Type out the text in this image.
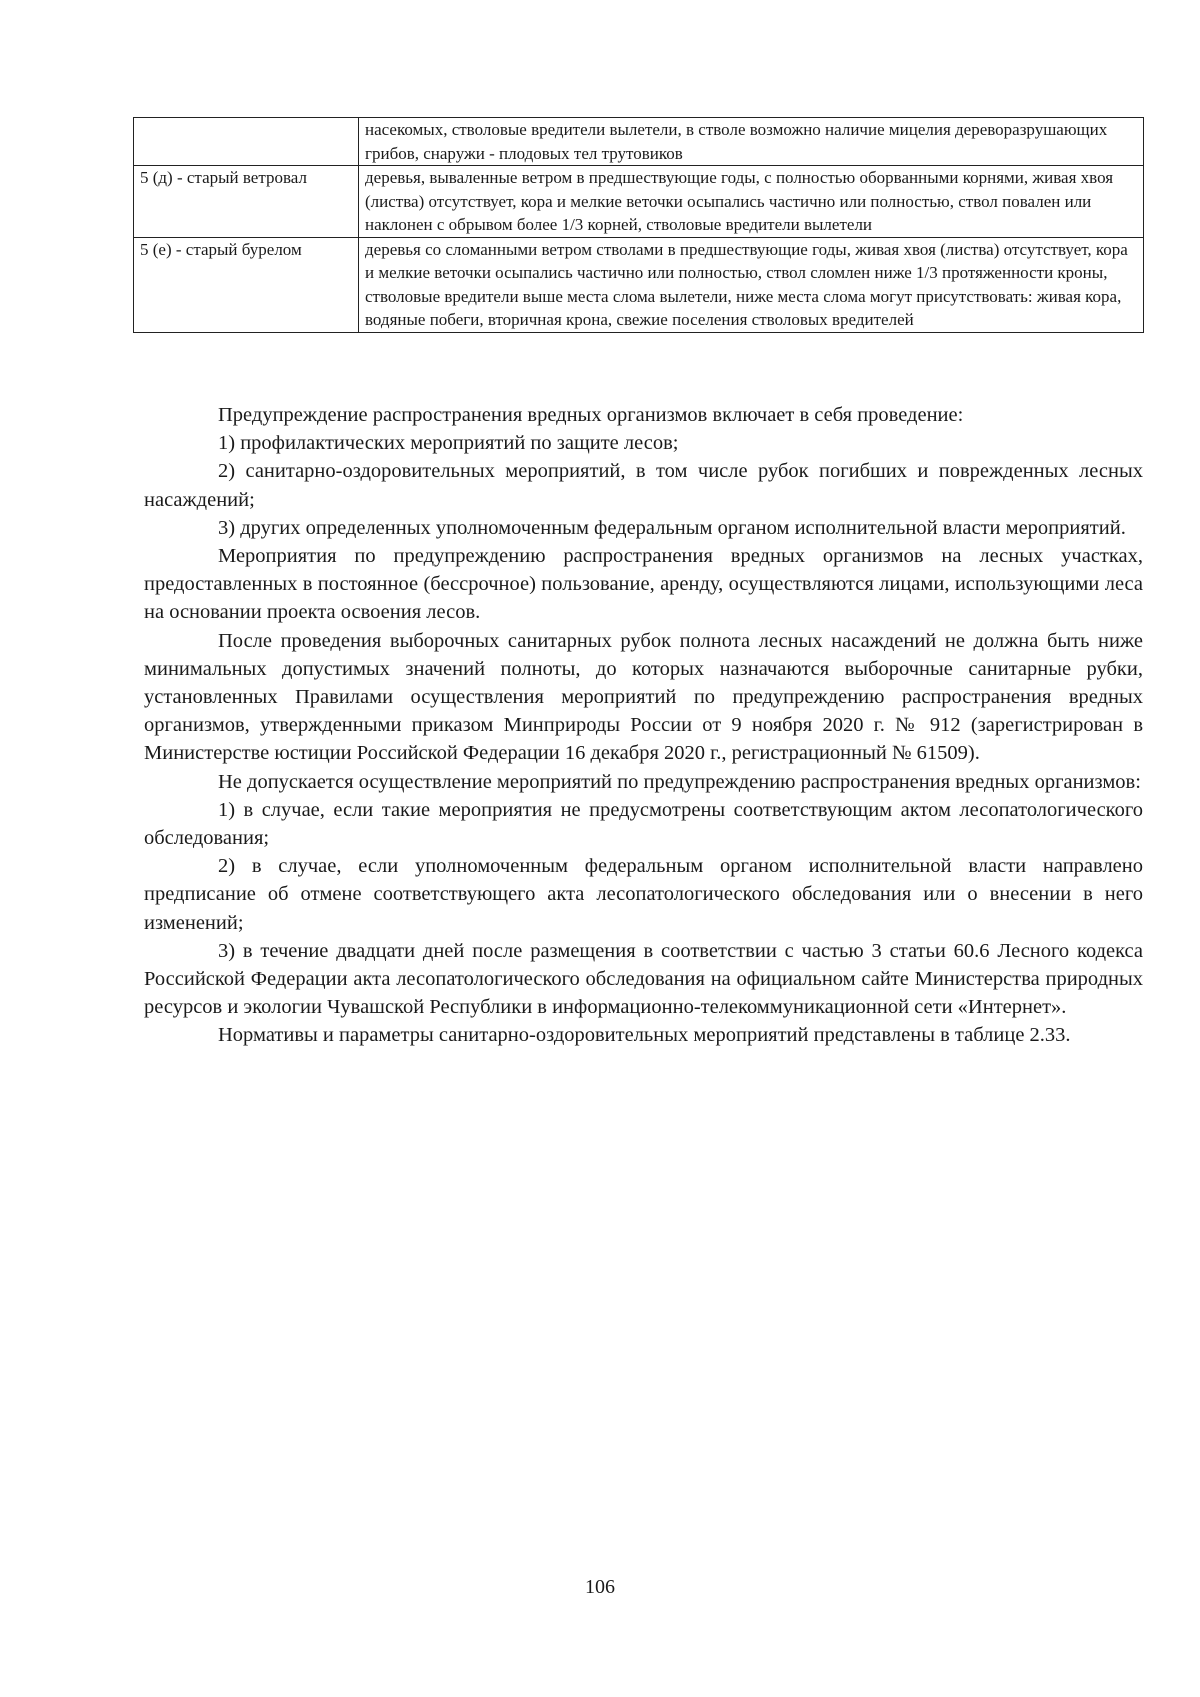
	насекомых, стволовые вредители вылетели, в стволе возможно наличие мицелия дереворазрушающих грибов, снаружи - плодовых тел трутовиков
5 (д) - старый ветровал	деревья, вываленные ветром в предшествующие годы, с полностью оборванными корнями, живая хвоя (листва) отсутствует, кора и мелкие веточки осыпались частично или полностью, ствол повален или наклонен с обрывом более 1/3 корней, стволовые вредители вылетели
5 (е) - старый бурелом	деревья со сломанными ветром стволами в предшествующие годы, живая хвоя (листва) отсутствует, кора и мелкие веточки осыпались частично или полностью, ствол сломлен ниже 1/3 протяженности кроны, стволовые вредители выше места слома вылетели, ниже места слома могут присутствовать: живая кора, водяные побеги, вторичная крона, свежие поселения стволовых вредителей

Предупреждение распространения вредных организмов включает в себя проведение:

1) профилактических мероприятий по защите лесов;

2) санитарно-оздоровительных мероприятий, в том числе рубок погибших и поврежденных лесных насаждений;

3) других определенных уполномоченным федеральным органом исполнительной власти мероприятий.

Мероприятия по предупреждению распространения вредных организмов на лесных участках, предоставленных в постоянное (бессрочное) пользование, аренду, осуществляются лицами, использующими леса на основании проекта освоения лесов.

После проведения выборочных санитарных рубок полнота лесных насаждений не должна быть ниже минимальных допустимых значений полноты, до которых назначаются выборочные санитарные рубки, установленных Правилами осуществления мероприятий по предупреждению распространения вредных организмов, утвержденными приказом Минприроды России от 9 ноября 2020 г. № 912 (зарегистрирован в Министерстве юстиции Российской Федерации 16 декабря 2020 г., регистрационный № 61509).

Не допускается осуществление мероприятий по предупреждению распространения вредных организмов:

1) в случае, если такие мероприятия не предусмотрены соответствующим актом лесопатологического обследования;

2) в случае, если уполномоченным федеральным органом исполнительной власти направлено предписание об отмене соответствующего акта лесопатологического обследования или о внесении в него изменений;

3) в течение двадцати дней после размещения в соответствии с частью 3 статьи 60.6 Лесного кодекса Российской Федерации акта лесопатологического обследования на официальном сайте Министерства природных ресурсов и экологии Чувашской Республики в информационно-телекоммуникационной сети «Интернет».

Нормативы и параметры санитарно-оздоровительных мероприятий представлены в таблице 2.33.

106
